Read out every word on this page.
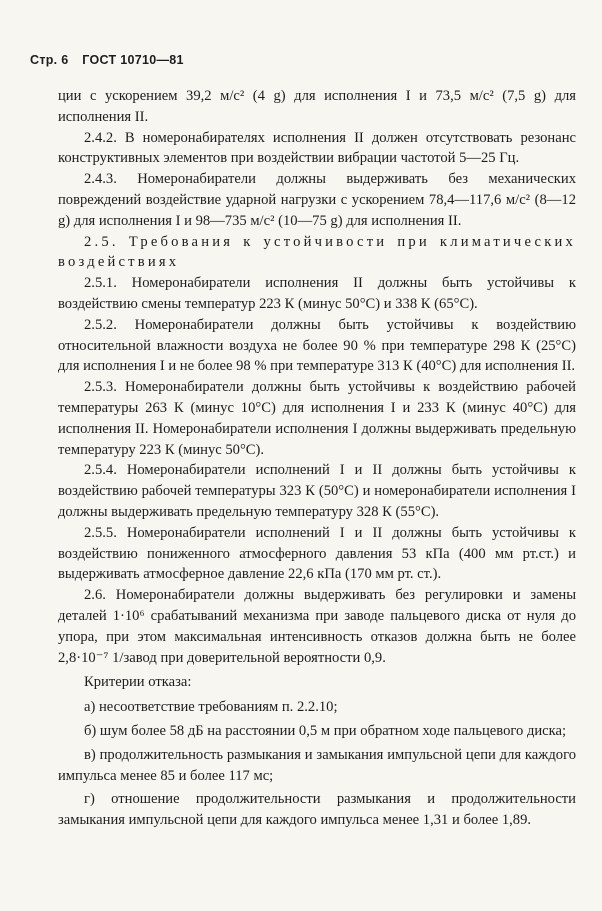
Стр. 6 ГОСТ 10710—81

ции с ускорением 39,2 м/с² (4 g) для исполнения I и 73,5 м/с² (7,5 g) для исполнения II.

2.4.2. В номеронабирателях исполнения II должен отсутствовать резонанс конструктивных элементов при воздействии вибрации частотой 5—25 Гц.

2.4.3. Номеронабиратели должны выдерживать без механических повреждений воздействие ударной нагрузки с ускорением 78,4—117,6 м/с² (8—12 g) для исполнения I и 98—735 м/с² (10—75 g) для исполнения II.

2.5. Требования к устойчивости при климатических воздействиях

2.5.1. Номеронабиратели исполнения II должны быть устойчивы к воздействию смены температур 223 К (минус 50°С) и 338 К (65°С).

2.5.2. Номеронабиратели должны быть устойчивы к воздействию относительной влажности воздуха не более 90 % при температуре 298 К (25°С) для исполнения I и не более 98 % при температуре 313 К (40°С) для исполнения II.

2.5.3. Номеронабиратели должны быть устойчивы к воздействию рабочей температуры 263 К (минус 10°С) для исполнения I и 233 К (минус 40°С) для исполнения II. Номеронабиратели исполнения I должны выдерживать предельную температуру 223 К (минус 50°С).

2.5.4. Номеронабиратели исполнений I и II должны быть устойчивы к воздействию рабочей температуры 323 К (50°С) и номеронабиратели исполнения I должны выдерживать предельную температуру 328 К (55°С).

2.5.5. Номеронабиратели исполнений I и II должны быть устойчивы к воздействию пониженного атмосферного давления 53 кПа (400 мм рт.ст.) и выдерживать атмосферное давление 22,6 кПа (170 мм рт. ст.).

2.6. Номеронабиратели должны выдерживать без регулировки и замены деталей 1·10⁶ срабатываний механизма при заводе пальцевого диска от нуля до упора, при этом максимальная интенсивность отказов должна быть не более 2,8·10⁻⁷ 1/завод при доверительной вероятности 0,9.

Критерии отказа:

а) несоответствие требованиям п. 2.2.10;

б) шум более 58 дБ на расстоянии 0,5 м при обратном ходе пальцевого диска;

в) продолжительность размыкания и замыкания импульсной цепи для каждого импульса менее 85 и более 117 мс;

г) отношение продолжительности размыкания и продолжительности замыкания импульсной цепи для каждого импульса менее 1,31 и более 1,89.
